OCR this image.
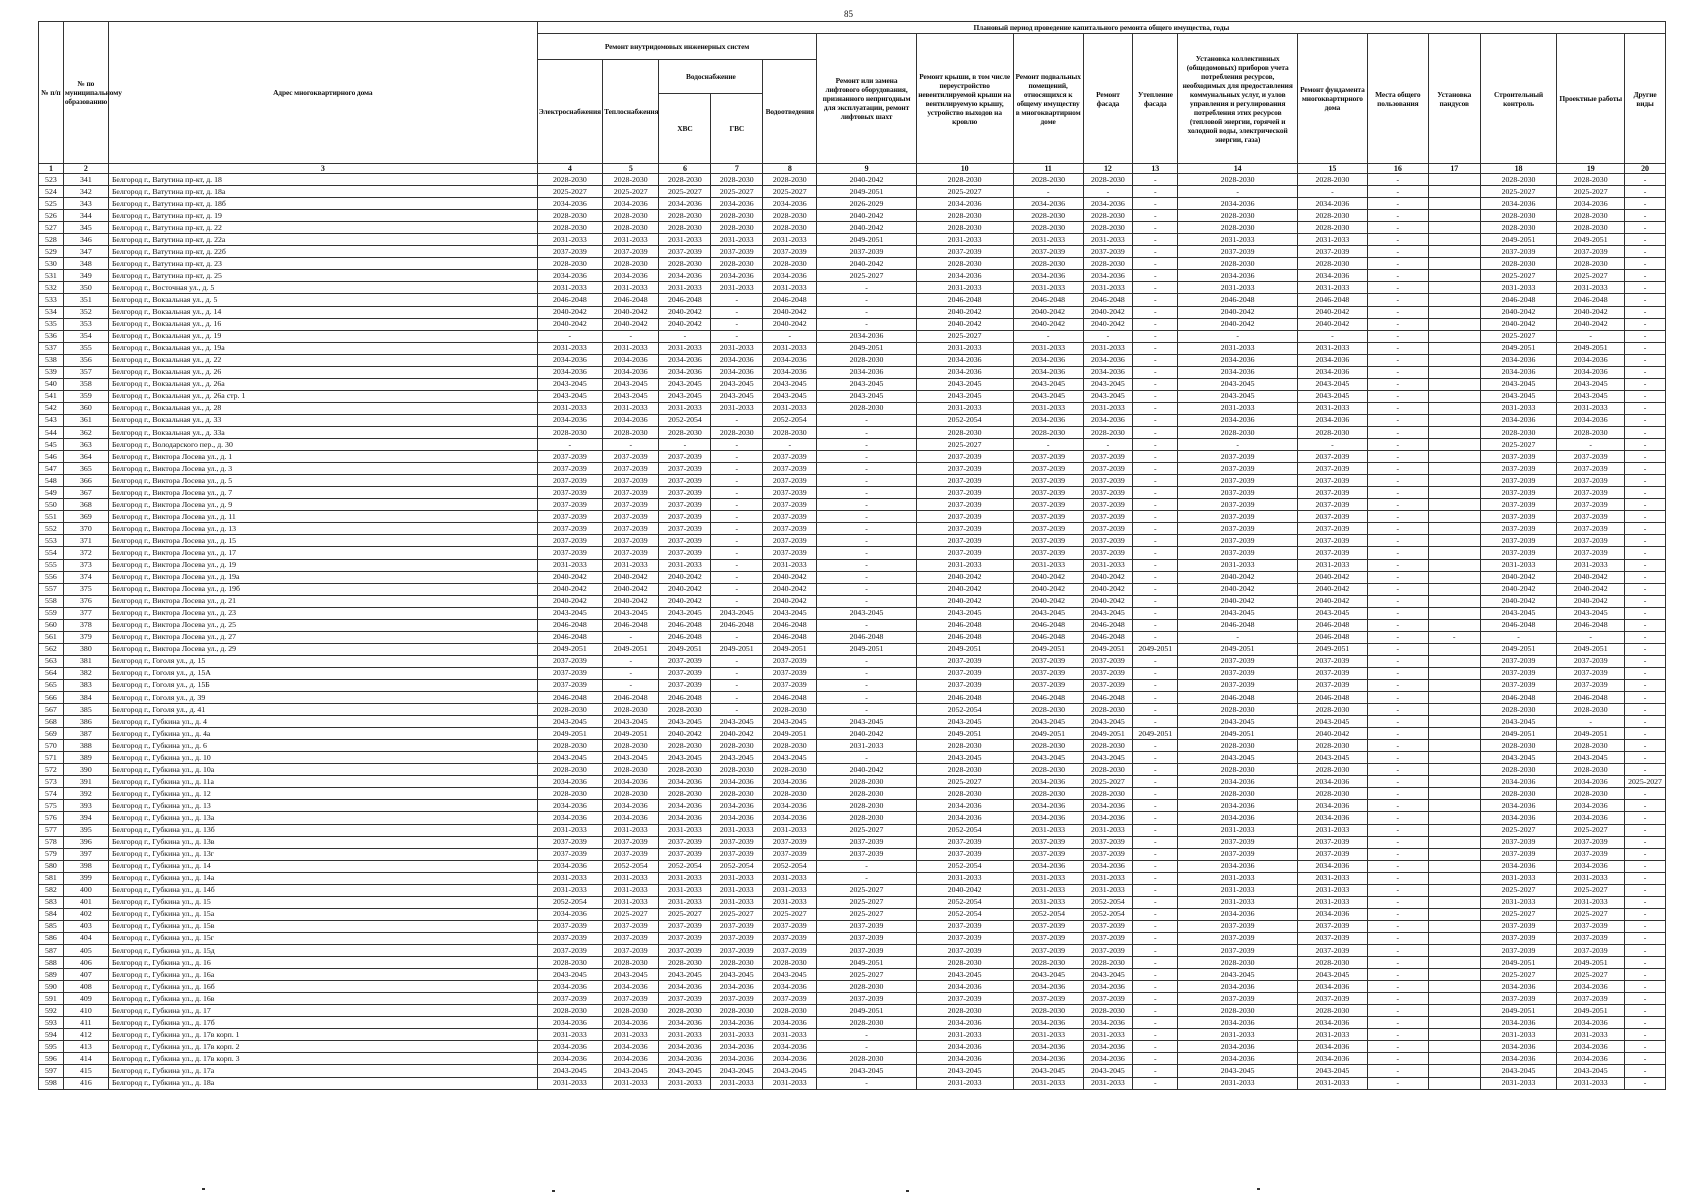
85
№ п/п	№ по муниципальному образованию	Адрес многоквартирного дома	Плановый период проведение капитального ремонта общего имущества, годы																
			Ремонт внутридомовых инженерных систем					Ремонт или замена лифтового оборудования, признанного непригодным для эксплуатации, ремонт лифтовых шахт	Ремонт крыши, в том числе переустройство невентилируемой крыши на вентилируемую крышу, устройство выходов на кровлю	Ремонт подвальных помещений, относящихся к общему имуществу в многоквартирном доме	Ремонт фасада	Утепление фасада	Установка коллективных (общедомовых) приборов учета потребления ресурсов, необходимых для предоставления коммунальных услуг, и узлов управления и регулирования потребления этих ресурсов (тепловой энергии, горячей и холодной воды, электрической энергии, газа)	Ремонт фундамента многоквартирного дома	Места общего пользования	Установка пандусов	Строительный контроль	Проектные работы	Другие виды
			Электроснабжения	Теплоснабжения	Водоснабжение		Водоотведения												
					ХВС	ГВС													
1	2	3	4	5	6	7	8	9	10	11	12	13	14	15	16	17	18	19	20
523	341	Белгород г., Ватутина пр-кт, д. 18	2028-2030	2028-2030	2028-2030	2028-2030	2028-2030	2040-2042	2028-2030	2028-2030	2028-2030	-	2028-2030	2028-2030	-		2028-2030	2028-2030	-
524	342	Белгород г., Ватутина пр-кт, д. 18а	2025-2027	2025-2027	2025-2027	2025-2027	2025-2027	2049-2051	2025-2027	-	-	-	-	-	-		2025-2027	2025-2027	-
525	343	Белгород г., Ватутина пр-кт, д. 18б	2034-2036	2034-2036	2034-2036	2034-2036	2034-2036	2026-2029	2034-2036	2034-2036	2034-2036	-	2034-2036	2034-2036	-		2034-2036	2034-2036	-
526	344	Белгород г., Ватутина пр-кт, д. 19	2028-2030	2028-2030	2028-2030	2028-2030	2028-2030	2040-2042	2028-2030	2028-2030	2028-2030	-	2028-2030	2028-2030	-		2028-2030	2028-2030	-
527	345	Белгород г., Ватутина пр-кт, д. 22	2028-2030	2028-2030	2028-2030	2028-2030	2028-2030	2040-2042	2028-2030	2028-2030	2028-2030	-	2028-2030	2028-2030	-		2028-2030	2028-2030	-
528	346	Белгород г., Ватутина пр-кт, д. 22а	2031-2033	2031-2033	2031-2033	2031-2033	2031-2033	2049-2051	2031-2033	2031-2033	2031-2033	-	2031-2033	2031-2033	-		2049-2051	2049-2051	-
529	347	Белгород г., Ватутина пр-кт, д. 22б	2037-2039	2037-2039	2037-2039	2037-2039	2037-2039	2037-2039	2037-2039	2037-2039	2037-2039	-	2037-2039	2037-2039	-		2037-2039	2037-2039	-
530	348	Белгород г., Ватутина пр-кт, д. 23	2028-2030	2028-2030	2028-2030	2028-2030	2028-2030	2040-2042	2028-2030	2028-2030	2028-2030	-	2028-2030	2028-2030	-		2028-2030	2028-2030	-
531	349	Белгород г., Ватутина пр-кт, д. 25	2034-2036	2034-2036	2034-2036	2034-2036	2034-2036	2025-2027	2034-2036	2034-2036	2034-2036	-	2034-2036	2034-2036	-		2025-2027	2025-2027	-
532	350	Белгород г., Восточная ул., д. 5	2031-2033	2031-2033	2031-2033	2031-2033	2031-2033	-	2031-2033	2031-2033	2031-2033	-	2031-2033	2031-2033	-		2031-2033	2031-2033	-
533	351	Белгород г., Вокзальная ул., д. 5	2046-2048	2046-2048	2046-2048	-	2046-2048	-	2046-2048	2046-2048	2046-2048	-	2046-2048	2046-2048	-		2046-2048	2046-2048	-
534	352	Белгород г., Вокзальная ул., д. 14	2040-2042	2040-2042	2040-2042	-	2040-2042	-	2040-2042	2040-2042	2040-2042	-	2040-2042	2040-2042	-		2040-2042	2040-2042	-
535	353	Белгород г., Вокзальная ул., д. 16	2040-2042	2040-2042	2040-2042	-	2040-2042	-	2040-2042	2040-2042	2040-2042	-	2040-2042	2040-2042	-		2040-2042	2040-2042	-
536	354	Белгород г., Вокзальная ул., д. 19	-	-	-	-	-	2034-2036	2025-2027	-	-	-	-	-	-		2025-2027	-	-
537	355	Белгород г., Вокзальная ул., д. 19а	2031-2033	2031-2033	2031-2033	2031-2033	2031-2033	2049-2051	2031-2033	2031-2033	2031-2033	-	2031-2033	2031-2033	-		2049-2051	2049-2051	-
538	356	Белгород г., Вокзальная ул., д. 22	2034-2036	2034-2036	2034-2036	2034-2036	2034-2036	2028-2030	2034-2036	2034-2036	2034-2036	-	2034-2036	2034-2036	-		2034-2036	2034-2036	-
539	357	Белгород г., Вокзальная ул., д. 26	2034-2036	2034-2036	2034-2036	2034-2036	2034-2036	2034-2036	2034-2036	2034-2036	2034-2036	-	2034-2036	2034-2036	-		2034-2036	2034-2036	-
540	358	Белгород г., Вокзальная ул., д. 26а	2043-2045	2043-2045	2043-2045	2043-2045	2043-2045	2043-2045	2043-2045	2043-2045	2043-2045	-	2043-2045	2043-2045	-		2043-2045	2043-2045	-
541	359	Белгород г., Вокзальная ул., д. 26а стр. 1	2043-2045	2043-2045	2043-2045	2043-2045	2043-2045	2043-2045	2043-2045	2043-2045	2043-2045	-	2043-2045	2043-2045	-		2043-2045	2043-2045	-
542	360	Белгород г., Вокзальная ул., д. 28	2031-2033	2031-2033	2031-2033	2031-2033	2031-2033	2028-2030	2031-2033	2031-2033	2031-2033	-	2031-2033	2031-2033	-		2031-2033	2031-2033	-
543	361	Белгород г., Вокзальная ул., д. 33	2034-2036	2034-2036	2052-2054	-	2052-2054	-	2052-2054	2034-2036	2034-2036	-	2034-2036	2034-2036	-		2034-2036	2034-2036	-
544	362	Белгород г., Вокзальная ул., д. 33а	2028-2030	2028-2030	2028-2030	2028-2030	2028-2030	-	2028-2030	2028-2030	2028-2030	-	2028-2030	2028-2030	-		2028-2030	2028-2030	-
545	363	Белгород г., Володарского пер., д. 30	-	-	-	-	-	-	2025-2027	-	-	-	-	-	-		2025-2027	-	-
546	364	Белгород г., Виктора Лосева ул., д. 1	2037-2039	2037-2039	2037-2039	-	2037-2039	-	2037-2039	2037-2039	2037-2039	-	2037-2039	2037-2039	-		2037-2039	2037-2039	-
547	365	Белгород г., Виктора Лосева ул., д. 3	2037-2039	2037-2039	2037-2039	-	2037-2039	-	2037-2039	2037-2039	2037-2039	-	2037-2039	2037-2039	-		2037-2039	2037-2039	-
548	366	Белгород г., Виктора Лосева ул., д. 5	2037-2039	2037-2039	2037-2039	-	2037-2039	-	2037-2039	2037-2039	2037-2039	-	2037-2039	2037-2039	-		2037-2039	2037-2039	-
549	367	Белгород г., Виктора Лосева ул., д. 7	2037-2039	2037-2039	2037-2039	-	2037-2039	-	2037-2039	2037-2039	2037-2039	-	2037-2039	2037-2039	-		2037-2039	2037-2039	-
550	368	Белгород г., Виктора Лосева ул., д. 9	2037-2039	2037-2039	2037-2039	-	2037-2039	-	2037-2039	2037-2039	2037-2039	-	2037-2039	2037-2039	-		2037-2039	2037-2039	-
551	369	Белгород г., Виктора Лосева ул., д. 11	2037-2039	2037-2039	2037-2039	-	2037-2039	-	2037-2039	2037-2039	2037-2039	-	2037-2039	2037-2039	-		2037-2039	2037-2039	-
552	370	Белгород г., Виктора Лосева ул., д. 13	2037-2039	2037-2039	2037-2039	-	2037-2039	-	2037-2039	2037-2039	2037-2039	-	2037-2039	2037-2039	-		2037-2039	2037-2039	-
553	371	Белгород г., Виктора Лосева ул., д. 15	2037-2039	2037-2039	2037-2039	-	2037-2039	-	2037-2039	2037-2039	2037-2039	-	2037-2039	2037-2039	-		2037-2039	2037-2039	-
554	372	Белгород г., Виктора Лосева ул., д. 17	2037-2039	2037-2039	2037-2039	-	2037-2039	-	2037-2039	2037-2039	2037-2039	-	2037-2039	2037-2039	-		2037-2039	2037-2039	-
555	373	Белгород г., Виктора Лосева ул., д. 19	2031-2033	2031-2033	2031-2033	-	2031-2033	-	2031-2033	2031-2033	2031-2033	-	2031-2033	2031-2033	-		2031-2033	2031-2033	-
556	374	Белгород г., Виктора Лосева ул., д. 19а	2040-2042	2040-2042	2040-2042	-	2040-2042	-	2040-2042	2040-2042	2040-2042	-	2040-2042	2040-2042	-		2040-2042	2040-2042	-
557	375	Белгород г., Виктора Лосева ул., д. 19б	2040-2042	2040-2042	2040-2042	-	2040-2042	-	2040-2042	2040-2042	2040-2042	-	2040-2042	2040-2042	-		2040-2042	2040-2042	-
558	376	Белгород г., Виктора Лосева ул., д. 21	2040-2042	2040-2042	2040-2042	-	2040-2042	-	2040-2042	2040-2042	2040-2042	-	2040-2042	2040-2042	-		2040-2042	2040-2042	-
559	377	Белгород г., Виктора Лосева ул., д. 23	2043-2045	2043-2045	2043-2045	2043-2045	2043-2045	2043-2045	2043-2045	2043-2045	2043-2045	-	2043-2045	2043-2045	-		2043-2045	2043-2045	-
560	378	Белгород г., Виктора Лосева ул., д. 25	2046-2048	2046-2048	2046-2048	2046-2048	2046-2048	-	2046-2048	2046-2048	2046-2048	-	2046-2048	2046-2048	-		2046-2048	2046-2048	-
561	379	Белгород г., Виктора Лосева ул., д. 27	2046-2048	-	2046-2048	-	2046-2048	2046-2048	2046-2048	2046-2048	2046-2048	-	-	2046-2048	-	-	-	-	-
562	380	Белгород г., Виктора Лосева ул., д. 29	2049-2051	2049-2051	2049-2051	2049-2051	2049-2051	2049-2051	2049-2051	2049-2051	2049-2051	2049-2051	2049-2051	2049-2051	-		2049-2051	2049-2051	-
563	381	Белгород г., Гоголя ул., д. 15	2037-2039	-	2037-2039	-	2037-2039	-	2037-2039	2037-2039	2037-2039	-	2037-2039	2037-2039	-		2037-2039	2037-2039	-
564	382	Белгород г., Гоголя ул., д. 15А	2037-2039	-	2037-2039	-	2037-2039	-	2037-2039	2037-2039	2037-2039	-	2037-2039	2037-2039	-		2037-2039	2037-2039	-
565	383	Белгород г., Гоголя ул., д. 15Б	2037-2039	-	2037-2039	-	2037-2039	-	2037-2039	2037-2039	2037-2039	-	2037-2039	2037-2039	-		2037-2039	2037-2039	-
566	384	Белгород г., Гоголя ул., д. 39	2046-2048	2046-2048	2046-2048	-	2046-2048	-	2046-2048	2046-2048	2046-2048	-	2046-2048	2046-2048	-		2046-2048	2046-2048	-
567	385	Белгород г., Гоголя ул., д. 41	2028-2030	2028-2030	2028-2030	-	2028-2030	-	2052-2054	2028-2030	2028-2030	-	2028-2030	2028-2030	-		2028-2030	2028-2030	-
568	386	Белгород г., Губкина ул., д. 4	2043-2045	2043-2045	2043-2045	2043-2045	2043-2045	2043-2045	2043-2045	2043-2045	2043-2045	-	2043-2045	2043-2045	-		2043-2045	-	-
569	387	Белгород г., Губкина ул., д. 4а	2049-2051	2049-2051	2040-2042	2040-2042	2049-2051	2040-2042	2049-2051	2049-2051	2049-2051	2049-2051	2049-2051	2040-2042	-		2049-2051	2049-2051	-
570	388	Белгород г., Губкина ул., д. 6	2028-2030	2028-2030	2028-2030	2028-2030	2028-2030	2031-2033	2028-2030	2028-2030	2028-2030	-	2028-2030	2028-2030	-		2028-2030	2028-2030	-
571	389	Белгород г., Губкина ул., д. 10	2043-2045	2043-2045	2043-2045	2043-2045	2043-2045	-	2043-2045	2043-2045	2043-2045	-	2043-2045	2043-2045	-		2043-2045	2043-2045	-
572	390	Белгород г., Губкина ул., д. 10а	2028-2030	2028-2030	2028-2030	2028-2030	2028-2030	2040-2042	2028-2030	2028-2030	2028-2030	-	2028-2030	2028-2030	-		2028-2030	2028-2030	-
573	391	Белгород г., Губкина ул., д. 11а	2034-2036	2034-2036	2034-2036	2034-2036	2034-2036	2028-2030	2025-2027	2034-2036	2025-2027	-	2034-2036	2034-2036	-		2034-2036	2034-2036	2025-2027
574	392	Белгород г., Губкина ул., д. 12	2028-2030	2028-2030	2028-2030	2028-2030	2028-2030	2028-2030	2028-2030	2028-2030	2028-2030	-	2028-2030	2028-2030	-		2028-2030	2028-2030	-
575	393	Белгород г., Губкина ул., д. 13	2034-2036	2034-2036	2034-2036	2034-2036	2034-2036	2028-2030	2034-2036	2034-2036	2034-2036	-	2034-2036	2034-2036	-		2034-2036	2034-2036	-
576	394	Белгород г., Губкина ул., д. 13а	2034-2036	2034-2036	2034-2036	2034-2036	2034-2036	2028-2030	2034-2036	2034-2036	2034-2036	-	2034-2036	2034-2036	-		2034-2036	2034-2036	-
577	395	Белгород г., Губкина ул., д. 13б	2031-2033	2031-2033	2031-2033	2031-2033	2031-2033	2025-2027	2052-2054	2031-2033	2031-2033	-	2031-2033	2031-2033	-		2025-2027	2025-2027	-
578	396	Белгород г., Губкина ул., д. 13в	2037-2039	2037-2039	2037-2039	2037-2039	2037-2039	2037-2039	2037-2039	2037-2039	2037-2039	-	2037-2039	2037-2039	-		2037-2039	2037-2039	-
579	397	Белгород г., Губкина ул., д. 13г	2037-2039	2037-2039	2037-2039	2037-2039	2037-2039	2037-2039	2037-2039	2037-2039	2037-2039	-	2037-2039	2037-2039	-		2037-2039	2037-2039	-
580	398	Белгород г., Губкина ул., д. 14	2034-2036	2052-2054	2052-2054	2052-2054	2052-2054	-	2052-2054	2034-2036	2034-2036	-	2034-2036	2034-2036	-		2034-2036	2034-2036	-
581	399	Белгород г., Губкина ул., д. 14а	2031-2033	2031-2033	2031-2033	2031-2033	2031-2033	-	2031-2033	2031-2033	2031-2033	-	2031-2033	2031-2033	-		2031-2033	2031-2033	-
582	400	Белгород г., Губкина ул., д. 14б	2031-2033	2031-2033	2031-2033	2031-2033	2031-2033	2025-2027	2040-2042	2031-2033	2031-2033	-	2031-2033	2031-2033	-		2025-2027	2025-2027	-
583	401	Белгород г., Губкина ул., д. 15	2052-2054	2031-2033	2031-2033	2031-2033	2031-2033	2025-2027	2052-2054	2031-2033	2052-2054	-	2031-2033	2031-2033	-		2031-2033	2031-2033	-
584	402	Белгород г., Губкина ул., д. 15а	2034-2036	2025-2027	2025-2027	2025-2027	2025-2027	2025-2027	2052-2054	2052-2054	2052-2054	-	2034-2036	2034-2036	-		2025-2027	2025-2027	-
585	403	Белгород г., Губкина ул., д. 15в	2037-2039	2037-2039	2037-2039	2037-2039	2037-2039	2037-2039	2037-2039	2037-2039	2037-2039	-	2037-2039	2037-2039	-		2037-2039	2037-2039	-
586	404	Белгород г., Губкина ул., д. 15г	2037-2039	2037-2039	2037-2039	2037-2039	2037-2039	2037-2039	2037-2039	2037-2039	2037-2039	-	2037-2039	2037-2039	-		2037-2039	2037-2039	-
587	405	Белгород г., Губкина ул., д. 15д	2037-2039	2037-2039	2037-2039	2037-2039	2037-2039	2037-2039	2037-2039	2037-2039	2037-2039	-	2037-2039	2037-2039	-		2037-2039	2037-2039	-
588	406	Белгород г., Губкина ул., д. 16	2028-2030	2028-2030	2028-2030	2028-2030	2028-2030	2049-2051	2028-2030	2028-2030	2028-2030	-	2028-2030	2028-2030	-		2049-2051	2049-2051	-
589	407	Белгород г., Губкина ул., д. 16а	2043-2045	2043-2045	2043-2045	2043-2045	2043-2045	2025-2027	2043-2045	2043-2045	2043-2045	-	2043-2045	2043-2045	-		2025-2027	2025-2027	-
590	408	Белгород г., Губкина ул., д. 16б	2034-2036	2034-2036	2034-2036	2034-2036	2034-2036	2028-2030	2034-2036	2034-2036	2034-2036	-	2034-2036	2034-2036	-		2034-2036	2034-2036	-
591	409	Белгород г., Губкина ул., д. 16в	2037-2039	2037-2039	2037-2039	2037-2039	2037-2039	2037-2039	2037-2039	2037-2039	2037-2039	-	2037-2039	2037-2039	-		2037-2039	2037-2039	-
592	410	Белгород г., Губкина ул., д. 17	2028-2030	2028-2030	2028-2030	2028-2030	2028-2030	2049-2051	2028-2030	2028-2030	2028-2030	-	2028-2030	2028-2030	-		2049-2051	2049-2051	-
593	411	Белгород г., Губкина ул., д. 17б	2034-2036	2034-2036	2034-2036	2034-2036	2034-2036	2028-2030	2034-2036	2034-2036	2034-2036	-	2034-2036	2034-2036	-		2034-2036	2034-2036	-
594	412	Белгород г., Губкина ул., д. 17в корп. 1	2031-2033	2031-2033	2031-2033	2031-2033	2031-2033	-	2031-2033	2031-2033	2031-2033	-	2031-2033	2031-2033	-		2031-2033	2031-2033	-
595	413	Белгород г., Губкина ул., д. 17в корп. 2	2034-2036	2034-2036	2034-2036	2034-2036	2034-2036	-	2034-2036	2034-2036	2034-2036	-	2034-2036	2034-2036	-		2034-2036	2034-2036	-
596	414	Белгород г., Губкина ул., д. 17в корп. 3	2034-2036	2034-2036	2034-2036	2034-2036	2034-2036	2028-2030	2034-2036	2034-2036	2034-2036	-	2034-2036	2034-2036	-		2034-2036	2034-2036	-
597	415	Белгород г., Губкина ул., д. 17а	2043-2045	2043-2045	2043-2045	2043-2045	2043-2045	2043-2045	2043-2045	2043-2045	2043-2045	-	2043-2045	2043-2045	-		2043-2045	2043-2045	-
598	416	Белгород г., Губкина ул., д. 18а	2031-2033	2031-2033	2031-2033	2031-2033	2031-2033	-	2031-2033	2031-2033	2031-2033	-	2031-2033	2031-2033	-		2031-2033	2031-2033	-
